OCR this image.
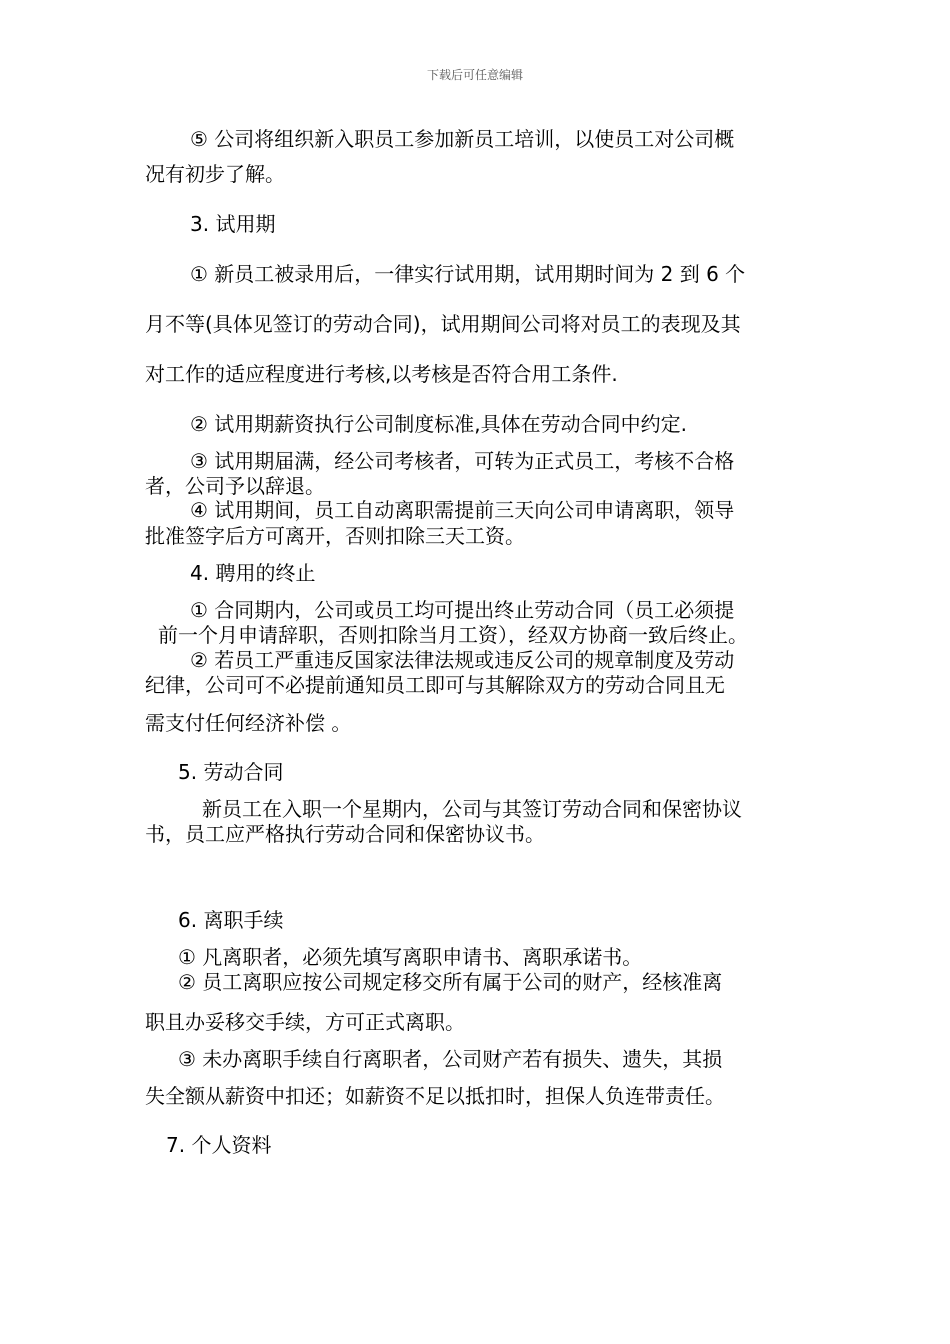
下载后可任意编辑
⑤ 公司将组织新入职员工参加新员工培训，以使员工对公司概
况有初步了解。
3. 试用期
① 新员工被录用后，一律实行试用期，试用期时间为 2 到 6 个
月不等(具体见签订的劳动合同)，试用期间公司将对员工的表现及其
对工作的适应程度进行考核,以考核是否符合用工条件.
② 试用期薪资执行公司制度标准,具体在劳动合同中约定.
③ 试用期届满，经公司考核者，可转为正式员工，考核不合格
者，公司予以辞退。
④ 试用期间，员工自动离职需提前三天向公司申请离职，领导
批准签字后方可离开，否则扣除三天工资。
4. 聘用的终止
① 合同期内，公司或员工均可提出终止劳动合同（员工必须提
前一个月申请辞职，否则扣除当月工资），经双方协商一致后终止。
② 若员工严重违反国家法律法规或违反公司的规章制度及劳动
纪律，公司可不必提前通知员工即可与其解除双方的劳动合同且无
需支付任何经济补偿 。
5. 劳动合同
新员工在入职一个星期内，公司与其签订劳动合同和保密协议
书，员工应严格执行劳动合同和保密协议书。
6. 离职手续
① 凡离职者，必须先填写离职申请书、离职承诺书。
② 员工离职应按公司规定移交所有属于公司的财产，经核准离
职且办妥移交手续，方可正式离职。
③ 未办离职手续自行离职者，公司财产若有损失、遗失，其损
失全额从薪资中扣还；如薪资不足以抵扣时，担保人负连带责任。
7. 个人资料
